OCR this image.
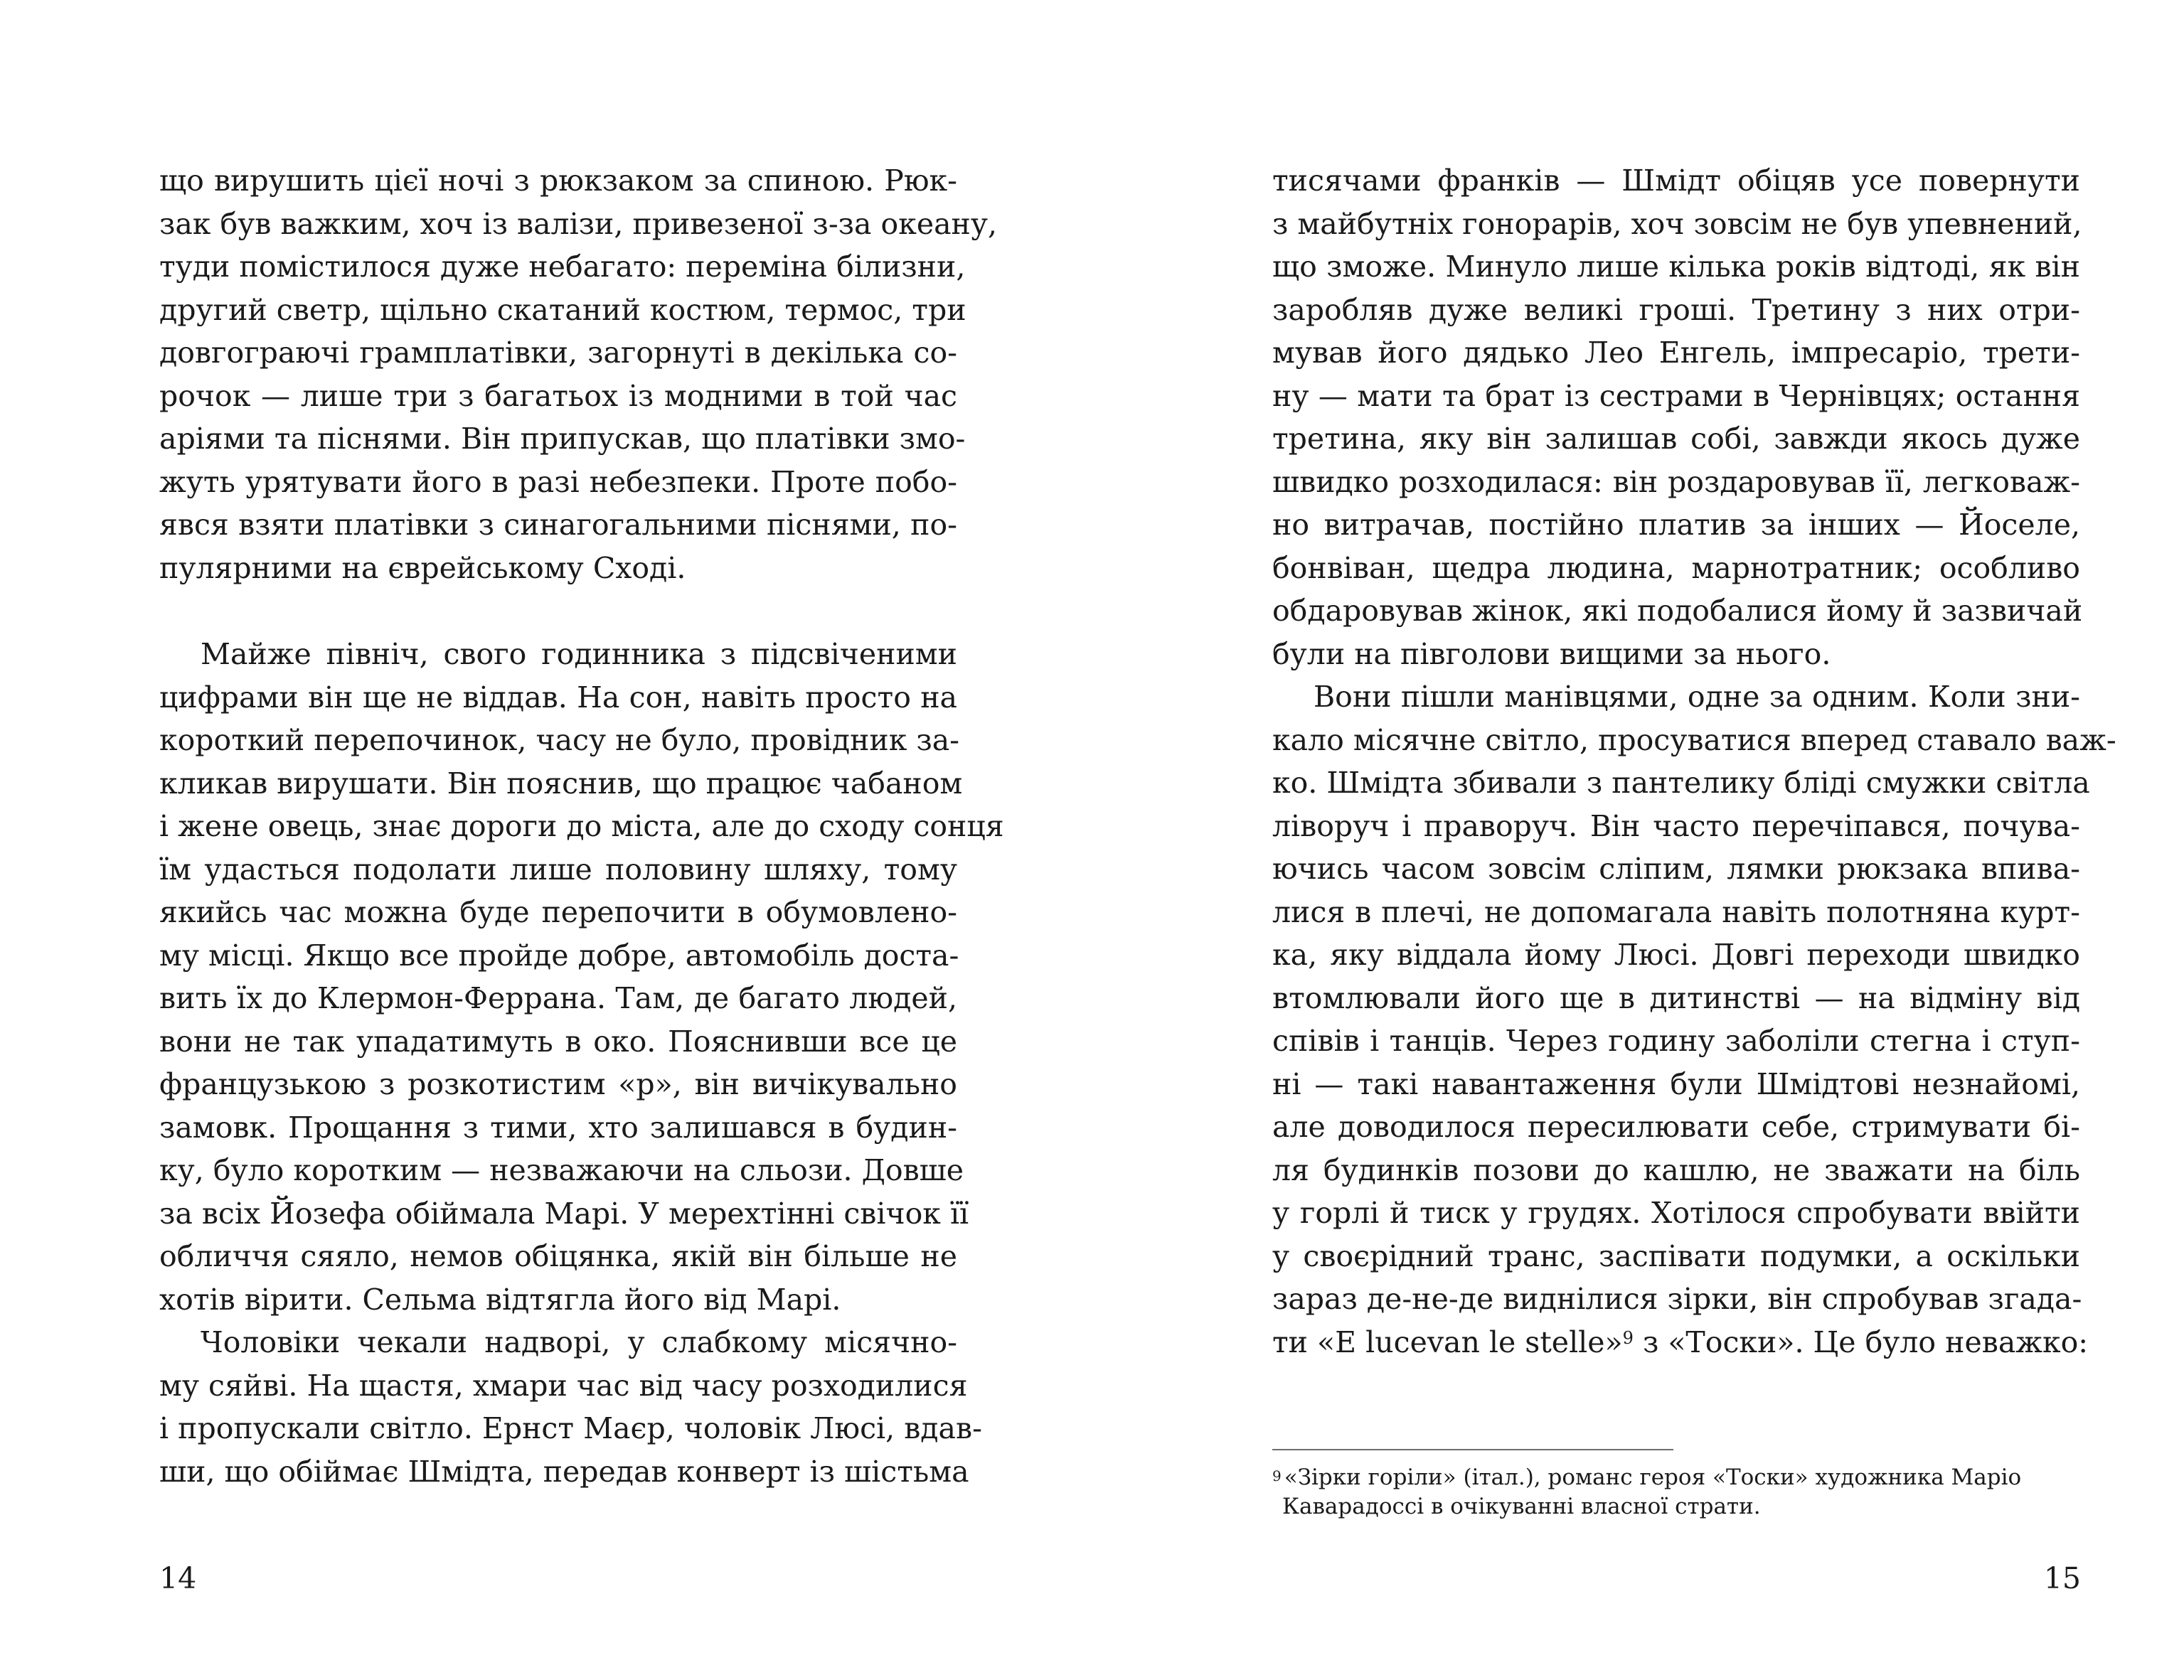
що вирушить цієї ночі з рюкзаком за спиною. Рюк-
зак був важким, хоч із валізи, привезеної з-за океану,
туди помістилося дуже небагато: переміна білизни,
другий светр, щільно скатаний костюм, термос, три
довгограючі грамплатівки, загорнуті в декілька со-
рочок — лише три з багатьох із модними в той час
аріями та піснями. Він припускав, що платівки змо-
жуть урятувати його в разі небезпеки. Проте побо-
явся взяти платівки з синагогальними піснями, по-
пулярними на єврейському Сході.
Майже північ, свого годинника з підсвіченими
цифрами він ще не віддав. На сон, навіть просто на
короткий перепочинок, часу не було, провідник за-
кликав вирушати. Він пояснив, що працює чабаном
і жене овець, знає дороги до міста, але до сходу сонця
їм удасться подолати лише половину шляху, тому
якийсь час можна буде перепочити в обумовлено-
му місці. Якщо все пройде добре, автомобіль доста-
вить їх до Клермон-Феррана. Там, де багато людей,
вони не так упадатимуть в око. Пояснивши все це
французькою з розкотистим «р», він вичікувально
замовк. Прощання з тими, хто залишався в будин-
ку, було коротким — незважаючи на сльози. Довше
за всіх Йозефа обіймала Марі. У мерехтінні свічок її
обличчя сяяло, немов обіцянка, якій він більше не
хотів вірити. Сельма відтягла його від Марі.
Чоловіки чекали надворі, у слабкому місячно-
му сяйві. На щастя, хмари час від часу розходилися
і пропускали світло. Ернст Маєр, чоловік Люсі, вдав-
ши, що обіймає Шмідта, передав конверт із шістьма
14
тисячами франків — Шмідт обіцяв усе повернути
з майбутніх гонорарів, хоч зовсім не був упевнений,
що зможе. Минуло лише кілька років відтоді, як він
заробляв дуже великі гроші. Третину з них отри-
мував його дядько Лео Енгель, імпресаріо, трети-
ну — мати та брат із сестрами в Чернівцях; остання
третина, яку він залишав собі, завжди якось дуже
швидко розходилася: він роздаровував її, легковаж-
но витрачав, постійно платив за інших — Йоселе,
бонвіван, щедра людина, марнотратник; особливо
обдаровував жінок, які подобалися йому й зазвичай
були на півголови вищими за нього.
Вони пішли манівцями, одне за одним. Коли зни-
кало місячне світло, просуватися вперед ставало важ-
ко. Шмідта збивали з пантелику бліді смужки світла
ліворуч і праворуч. Він часто перечіпався, почува-
ючись часом зовсім сліпим, лямки рюкзака впива-
лися в плечі, не допомагала навіть полотняна курт-
ка, яку віддала йому Люсі. Довгі переходи швидко
втомлювали його ще в дитинстві — на відміну від
співів і танців. Через годину заболіли стегна і ступ-
ні — такі навантаження були Шмідтові незнайомі,
але доводилося пересилювати себе, стримувати бі-
ля будинків позови до кашлю, не зважати на біль
у горлі й тиск у грудях. Хотілося спробувати ввійти
у своєрідний транс, заспівати подумки, а оскільки
зараз де-не-де виднілися зірки, він спробував згада-
ти «E lucevan le stelle»$^9$ з «Тоски». Це було неважко:
$^9$ «Зірки горіли» (італ.), романс героя «Тоски» художника Маріо
Каварадоссі в очікуванні власної страти.
15
